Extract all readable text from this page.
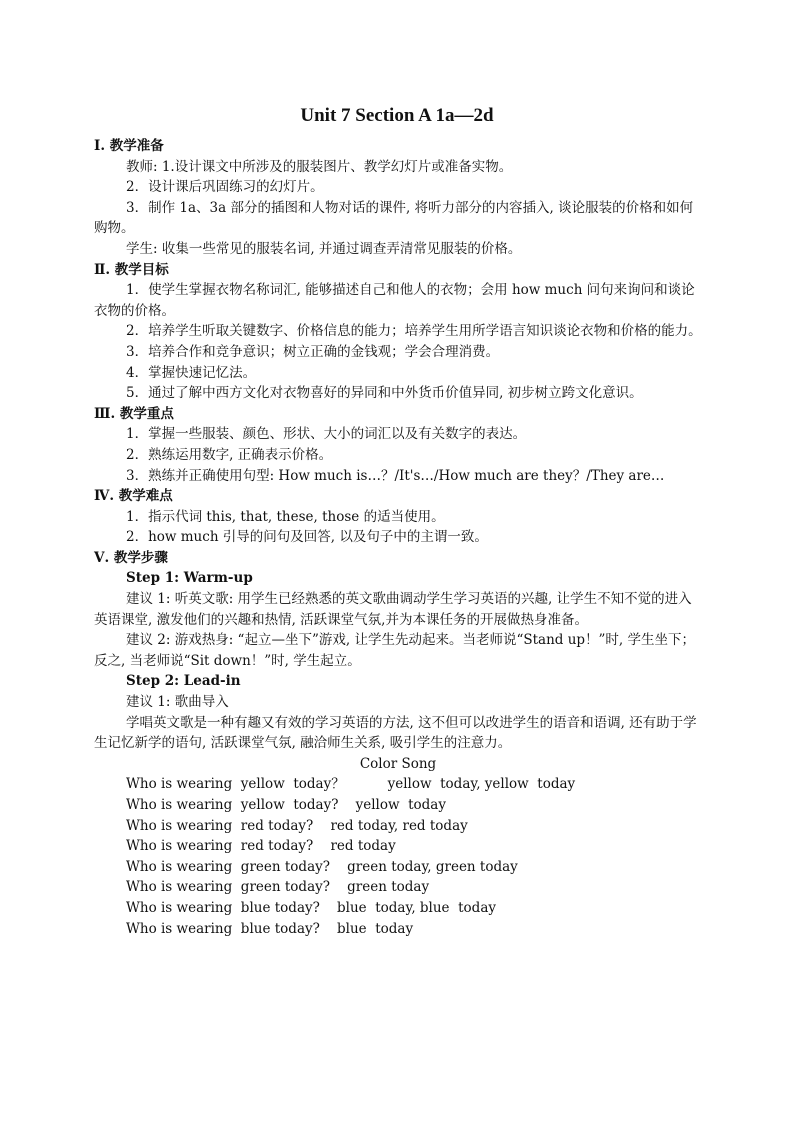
Unit 7 Section A 1a—2d

Ⅰ. 教学准备

教师: 1.设计课文中所涉及的服装图片、教学幻灯片或准备实物。

2．设计课后巩固练习的幻灯片。

3．制作 1a、3a 部分的插图和人物对话的课件, 将听力部分的内容插入, 谈论服装的价格和如何购物。

学生: 收集一些常见的服装名词, 并通过调查弄清常见服装的价格。

Ⅱ. 教学目标

1．使学生掌握衣物名称词汇, 能够描述自己和他人的衣物；会用 how much 问句来询问和谈论衣物的价格。

2．培养学生听取关键数字、价格信息的能力；培养学生用所学语言知识谈论衣物和价格的能力。

3．培养合作和竞争意识；树立正确的金钱观；学会合理消费。

4．掌握快速记忆法。

5．通过了解中西方文化对衣物喜好的异同和中外货币价值异同, 初步树立跨文化意识。

Ⅲ. 教学重点

1．掌握一些服装、颜色、形状、大小的词汇以及有关数字的表达。

2．熟练运用数字, 正确表示价格。

3．熟练并正确使用句型: How much is…？/It's…/How much are they？/They are…

Ⅳ. 教学难点

1．指示代词 this, that, these, those 的适当使用。

2．how much 引导的问句及回答, 以及句子中的主谓一致。

Ⅴ. 教学步骤

Step 1: Warm-up

建议 1: 听英文歌: 用学生已经熟悉的英文歌曲调动学生学习英语的兴趣, 让学生不知不觉的进入英语课堂, 激发他们的兴趣和热情, 活跃课堂气氛,并为本课任务的开展做热身准备。

建议 2: 游戏热身: “起立—坐下”游戏, 让学生先动起来。当老师说“Stand up！”时, 学生坐下；反之, 当老师说“Sit down！”时, 学生起立。

Step 2: Lead-in

建议 1: 歌曲导入

学唱英文歌是一种有趣又有效的学习英语的方法, 这不但可以改进学生的语音和语调, 还有助于学生记忆新学的语句, 活跃课堂气氛, 融洽师生关系, 吸引学生的注意力。

Color Song

Who is wearing  yellow  today？          yellow  today, yellow  today

Who is wearing  yellow  today?    yellow  today

Who is wearing  red today?    red today, red today

Who is wearing  red today?    red today

Who is wearing  green today?    green today, green today

Who is wearing  green today?    green today

Who is wearing  blue today?    blue  today, blue  today

Who is wearing  blue today?    blue  today
